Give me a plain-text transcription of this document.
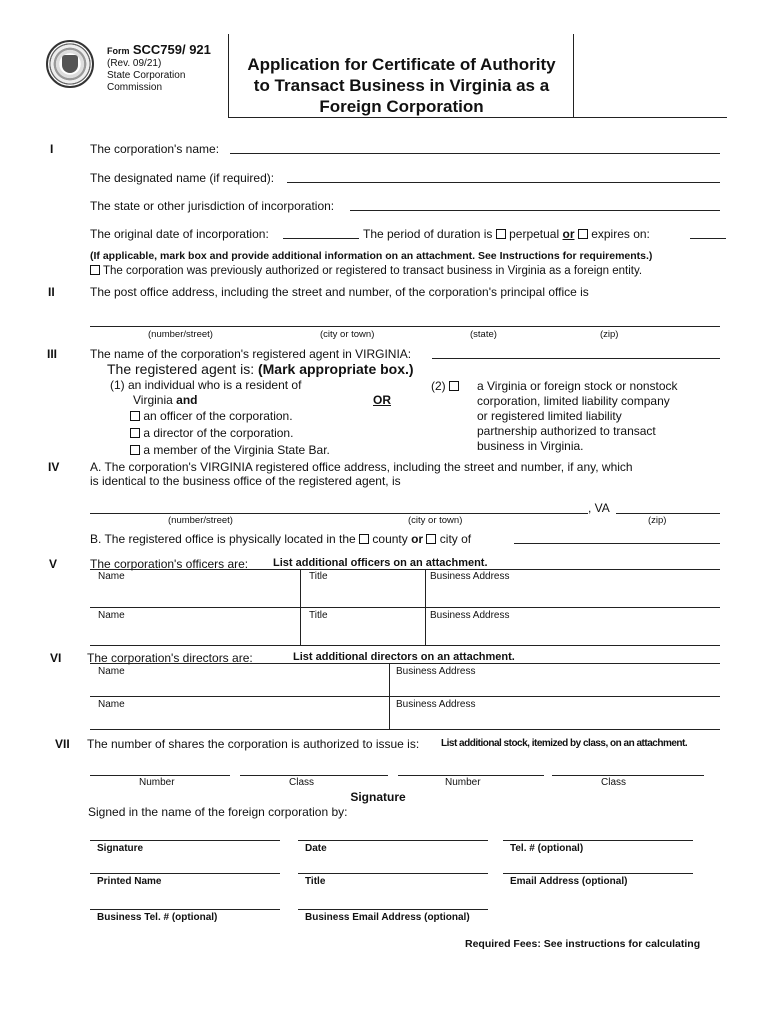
Form SCC759/ 921
(Rev. 09/21)
State Corporation
Commission
Application for Certificate of Authority
to Transact Business in Virginia as a
Foreign Corporation
I	The corporation's name:
The designated name (if required):
The state or other jurisdiction of incorporation:
The original date of incorporation:	The period of duration is perpetual or expires on:
(If applicable, mark box and provide additional information on an attachment. See Instructions for requirements.)
The corporation was previously authorized or registered to transact business in Virginia as a foreign entity.
II	The post office address, including the street and number, of the corporation's principal office is
(number/street)	(city or town)	(state)	(zip)
III	The name of the corporation's registered agent in VIRGINIA:
The registered agent is: (Mark appropriate box.)
(1) an individual who is a resident of
Virginia and	OR
an officer of the corporation.
a director of the corporation.
a member of the Virginia State Bar.
(2)	a Virginia or foreign stock or nonstock
corporation, limited liability company
or registered limited liability
partnership authorized to transact
business in Virginia.
IV	A. The corporation's VIRGINIA registered office address, including the street and number, if any, which
is identical to the business office of the registered agent, is
, VA
(number/street)	(city or town)	(zip)
B. The registered office is physically located in the county or city of
V	The corporation's officers are: List additional officers on an attachment.
Name	Title	Business Address
Name	Title	Business Address
VI The corporation's directors are:	List additional directors on an attachment.
Name	Business Address
Name	Business Address
VII The number of shares the corporation is authorized to issue is: List additional stock, itemized by class, on an attachment.
Number	Class	Number	Class
Signature
Signed in the name of the foreign corporation by:
Signature	Date	Tel. # (optional)
Printed Name	Title	Email Address (optional)
Business Tel. # (optional)	Business Email Address (optional)
Required Fees: See instructions for calculating
